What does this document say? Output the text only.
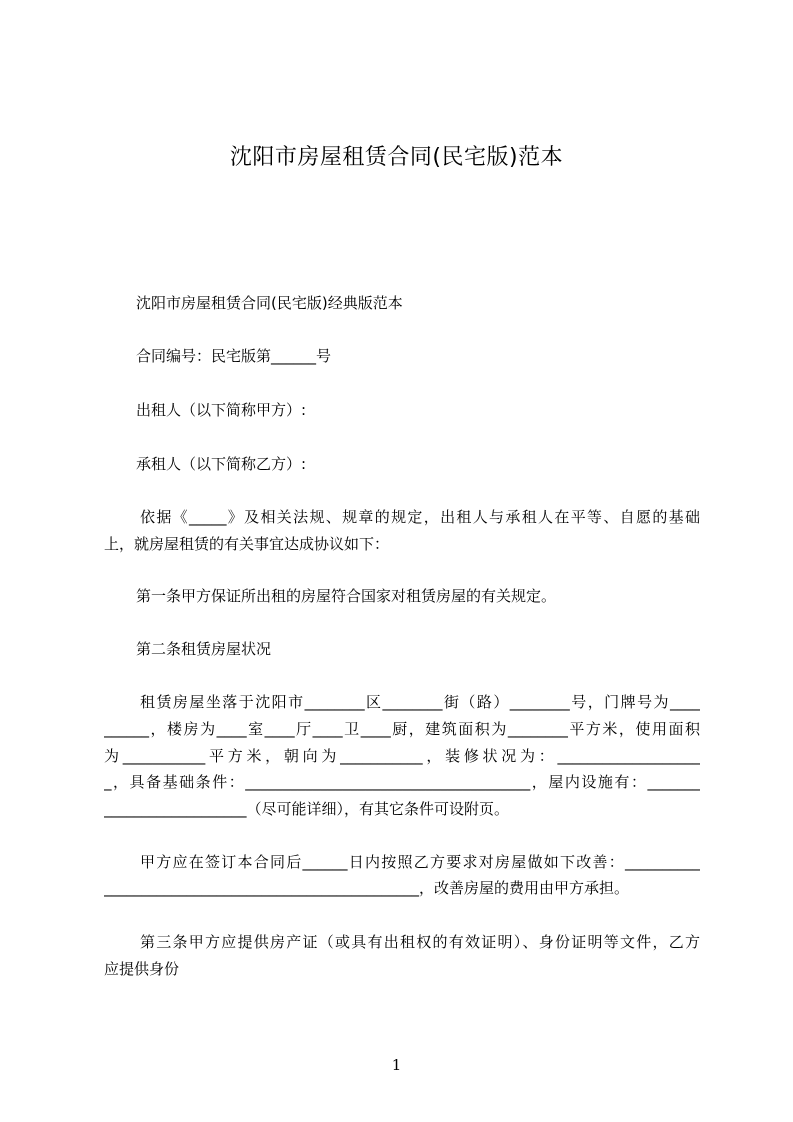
沈阳市房屋租赁合同(民宅版)范本
沈阳市房屋租赁合同(民宅版)经典版范本
合同编号：民宅版第______号
出租人（以下简称甲方）:
承租人（以下简称乙方）:
依据《_____》及相关法规、规章的规定，出租人与承租人在平等、自愿的基础
上，就房屋租赁的有关事宜达成协议如下：
第一条甲方保证所出租的房屋符合国家对租赁房屋的有关规定。
第二条租赁房屋状况
租赁房屋坐落于沈阳市________区________街（路）________号，门牌号为____
______，楼房为____室____厅____卫____厨，建筑面积为________平方米，使用面积
为___________平方米，朝向为___________，装修状况为：___________________
_，具备基础条件：______________________________________，屋内设施有：_______
___________________（尽可能详细），有其它条件可设附页。
甲方应在签订本合同后______日内按照乙方要求对房屋做如下改善：__________
__________________________________________，改善房屋的费用由甲方承担。
第三条甲方应提供房产证（或具有出租权的有效证明）、身份证明等文件，乙方
应提供身份
1
